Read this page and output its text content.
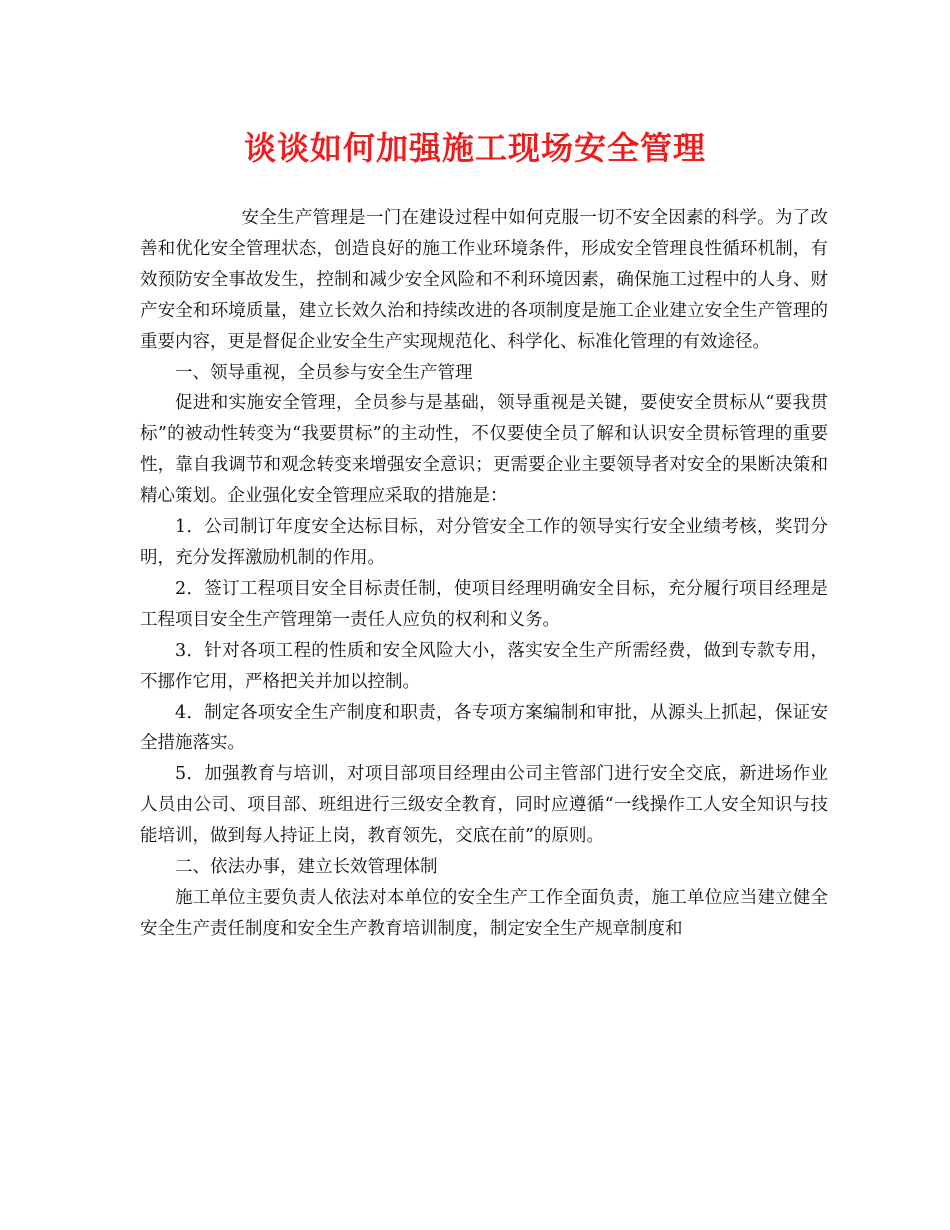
谈谈如何加强施工现场安全管理

安全生产管理是一门在建设过程中如何克服一切不安全因素的科学。为了改善和优化安全管理状态，创造良好的施工作业环境条件，形成安全管理良性循环机制，有效预防安全事故发生，控制和减少安全风险和不利环境因素，确保施工过程中的人身、财产安全和环境质量，建立长效久治和持续改进的各项制度是施工企业建立安全生产管理的重要内容，更是督促企业安全生产实现规范化、科学化、标准化管理的有效途径。

一、领导重视，全员参与安全生产管理

促进和实施安全管理，全员参与是基础，领导重视是关键，要使安全贯标从“要我贯标”的被动性转变为“我要贯标”的主动性，不仅要使全员了解和认识安全贯标管理的重要性，靠自我调节和观念转变来增强安全意识；更需要企业主要领导者对安全的果断决策和精心策划。企业强化安全管理应采取的措施是：

1．公司制订年度安全达标目标，对分管安全工作的领导实行安全业绩考核，奖罚分明，充分发挥激励机制的作用。

2．签订工程项目安全目标责任制，使项目经理明确安全目标，充分履行项目经理是工程项目安全生产管理第一责任人应负的权利和义务。

3．针对各项工程的性质和安全风险大小，落实安全生产所需经费，做到专款专用，不挪作它用，严格把关并加以控制。

4．制定各项安全生产制度和职责，各专项方案编制和审批，从源头上抓起，保证安全措施落实。

5．加强教育与培训，对项目部项目经理由公司主管部门进行安全交底，新进场作业人员由公司、项目部、班组进行三级安全教育，同时应遵循“一线操作工人安全知识与技能培训，做到每人持证上岗，教育领先，交底在前”的原则。

二、依法办事，建立长效管理体制

施工单位主要负责人依法对本单位的安全生产工作全面负责，施工单位应当建立健全安全生产责任制度和安全生产教育培训制度，制定安全生产规章制度和
